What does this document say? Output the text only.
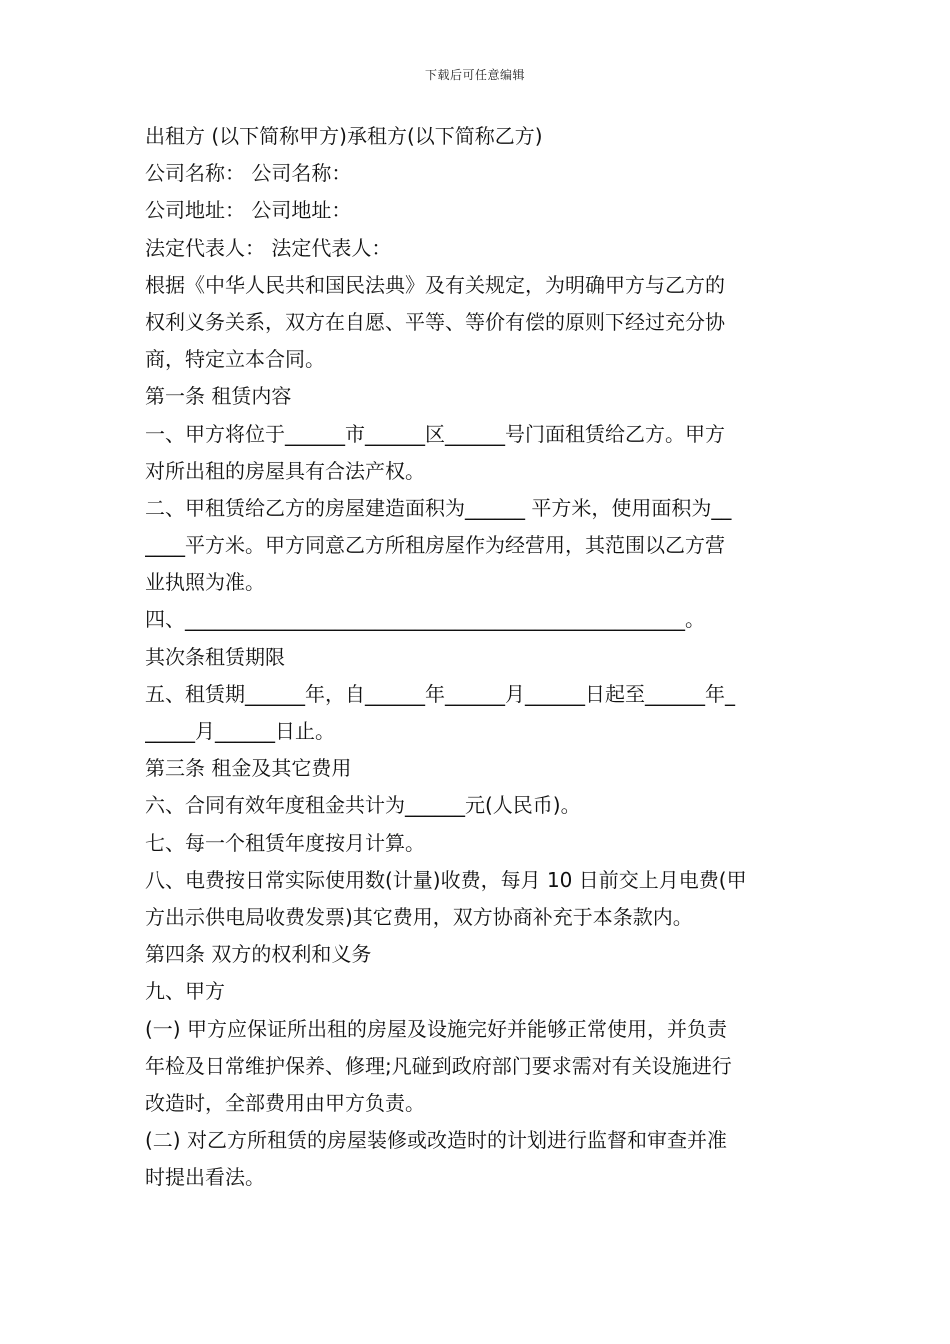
下载后可任意编辑
出租方 (以下简称甲方)承租方(以下简称乙方)
公司名称： 公司名称：
公司地址： 公司地址：
法定代表人： 法定代表人：
根据《中华人民共和国民法典》及有关规定，为明确甲方与乙方的
权利义务关系，双方在自愿、平等、等价有偿的原则下经过充分协
商，特定立本合同。
第一条 租赁内容
一、甲方将位于______市______区______号门面租赁给乙方。甲方
对所出租的房屋具有合法产权。
二、甲租赁给乙方的房屋建造面积为______ 平方米，使用面积为__
____平方米。甲方同意乙方所租房屋作为经营用，其范围以乙方营
业执照为准。
四、__________________________________________________。
其次条租赁期限
五、租赁期______年，自______年______月______日起至______年_
_____月______日止。
第三条 租金及其它费用
六、合同有效年度租金共计为______元(人民币)。
七、每一个租赁年度按月计算。
八、电费按日常实际使用数(计量)收费，每月 10 日前交上月电费(甲
方出示供电局收费发票)其它费用，双方协商补充于本条款内。
第四条 双方的权利和义务
九、甲方
(一) 甲方应保证所出租的房屋及设施完好并能够正常使用，并负责
年检及日常维护保养、修理;凡碰到政府部门要求需对有关设施进行
改造时，全部费用由甲方负责。
(二) 对乙方所租赁的房屋装修或改造时的计划进行监督和审查并准
时提出看法。
